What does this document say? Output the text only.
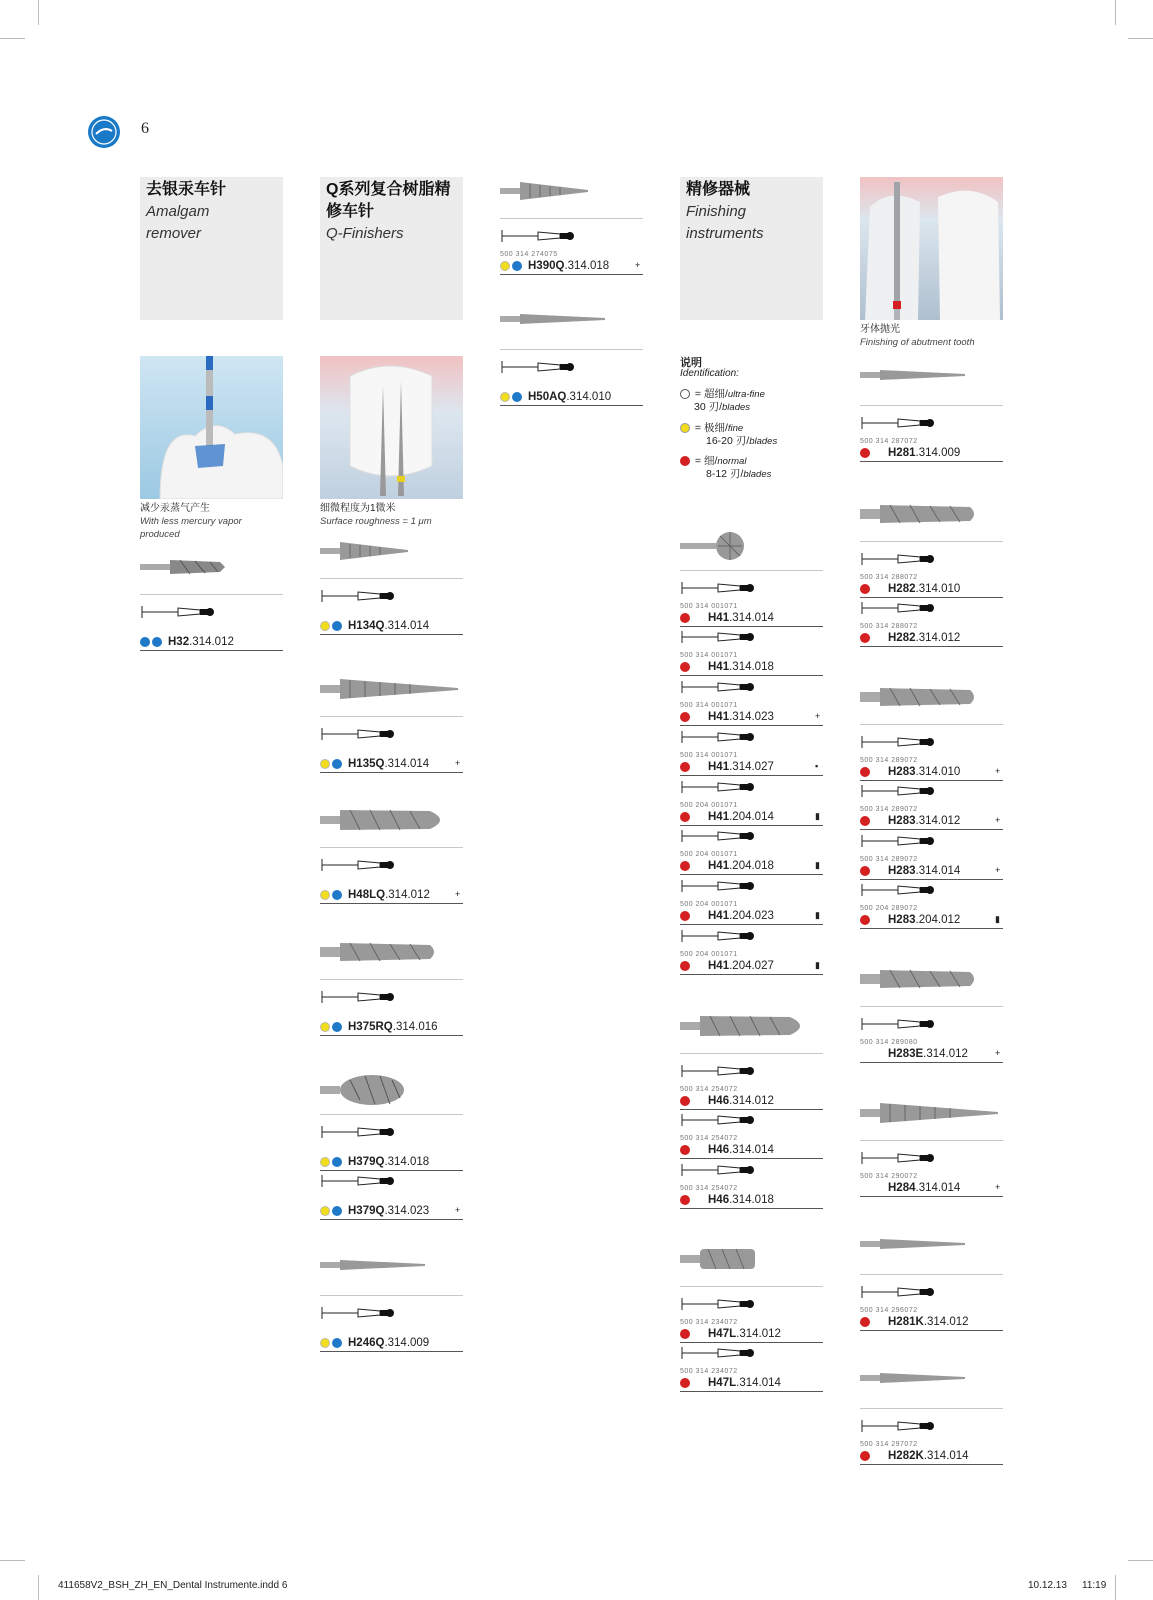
6
去银汞车针
Amalgam
remover
Q系列复合树脂精
修车针
Q-Finishers
精修器械
Finishing
instruments
减少汞蒸气产生
With less mercury vapor
produced
细微程度为1微米
Surface roughness = 1 μm
牙体抛光
Finishing of abutment tooth
说明
Identification:
= 超细/ultra-fine
30 刃/blades
= 极细/fine
16-20 刃/blades
= 细/normal
8-12 刃/blades
H32 .314.012
H134Q .314.014
H135Q .314.014	+
H48LQ .314.012	+
H375RQ .314.016
H379Q .314.018
H379Q .314.023	+
H246Q .314.009
500 314 274075
H390Q .314.018	+
H50AQ .314.010
500 314 001071
H41 .314.014
500 314 001071
H41 .314.018
500 314 001071
H41 .314.023	+
500 314 001071
H41 .314.027	▪
500 204 001071
H41 .204.014	▮
500 204 001071
H41 .204.018	▮
500 204 001071
H41 .204.023	▮
500 204 001071
H41 .204.027	▮
500 314 254072
H46 .314.012
500 314 254072
H46 .314.014
500 314 254072
H46 .314.018
500 314 234072
H47L .314.012
500 314 234072
H47L .314.014
500 314 287072
H281 .314.009
500 314 288072
H282 .314.010
500 314 288072
H282 .314.012
500 314 289072
H283 .314.010	+
500 314 289072
H283 .314.012	+
500 314 289072
H283 .314.014	+
500 204 289072
H283 .204.012	▮
500 314 289080
H283E .314.012	+
500 314 290072
H284 .314.014	+
500 314 296072
H281K .314.012
500 314 297072
H282K .314.014
411658V2_BSH_ZH_EN_Dental Instrumente.indd 6	10.12.13 11:19
